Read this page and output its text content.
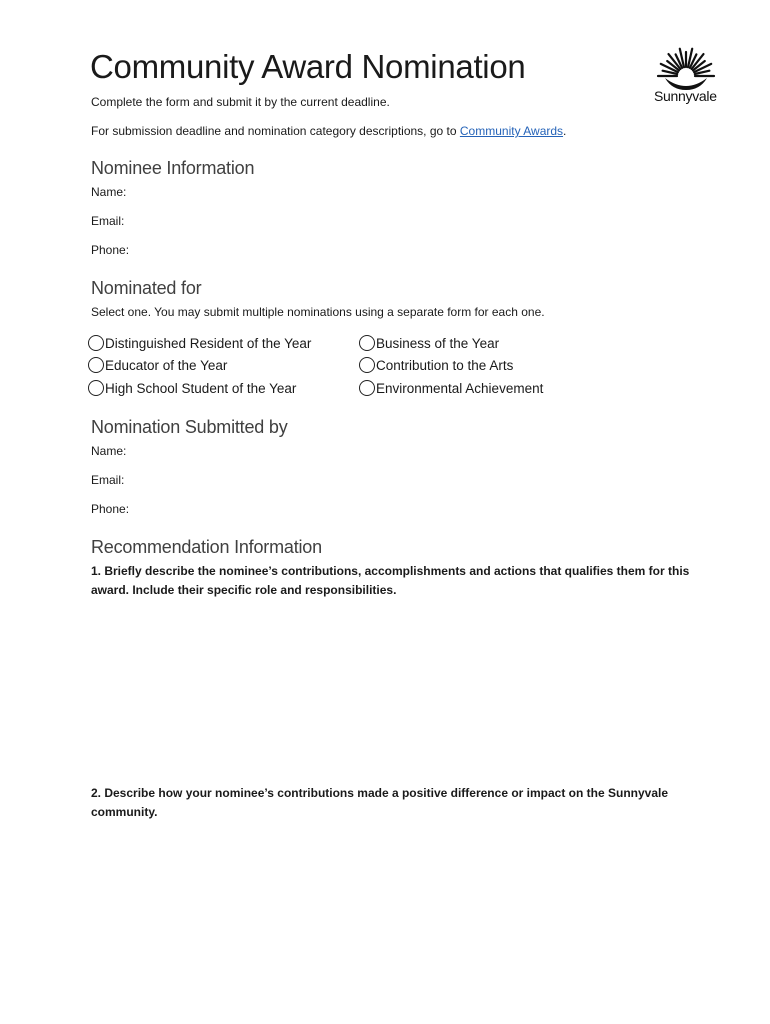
Sunnyvale
Community Award Nomination

Complete the form and submit it by the current deadline.

For submission deadline and nomination category descriptions, go to Community Awards.

Nominee Information
Name:
Email:
Phone:
Nominated for

Select one. You may submit multiple nominations using a separate form for each one.

Distinguished Resident of the Year
Educator of the Year
High School Student of the Year
Business of the Year
Contribution to the Arts
Environmental Achievement
Nomination Submitted by
Name:
Email:
Phone:
Recommendation Information

1. Briefly describe the nominee’s contributions, accomplishments and actions that qualifies them for this award. Include their specific role and responsibilities.

2. Describe how your nominee’s contributions made a positive difference or impact on the Sunnyvale community.
